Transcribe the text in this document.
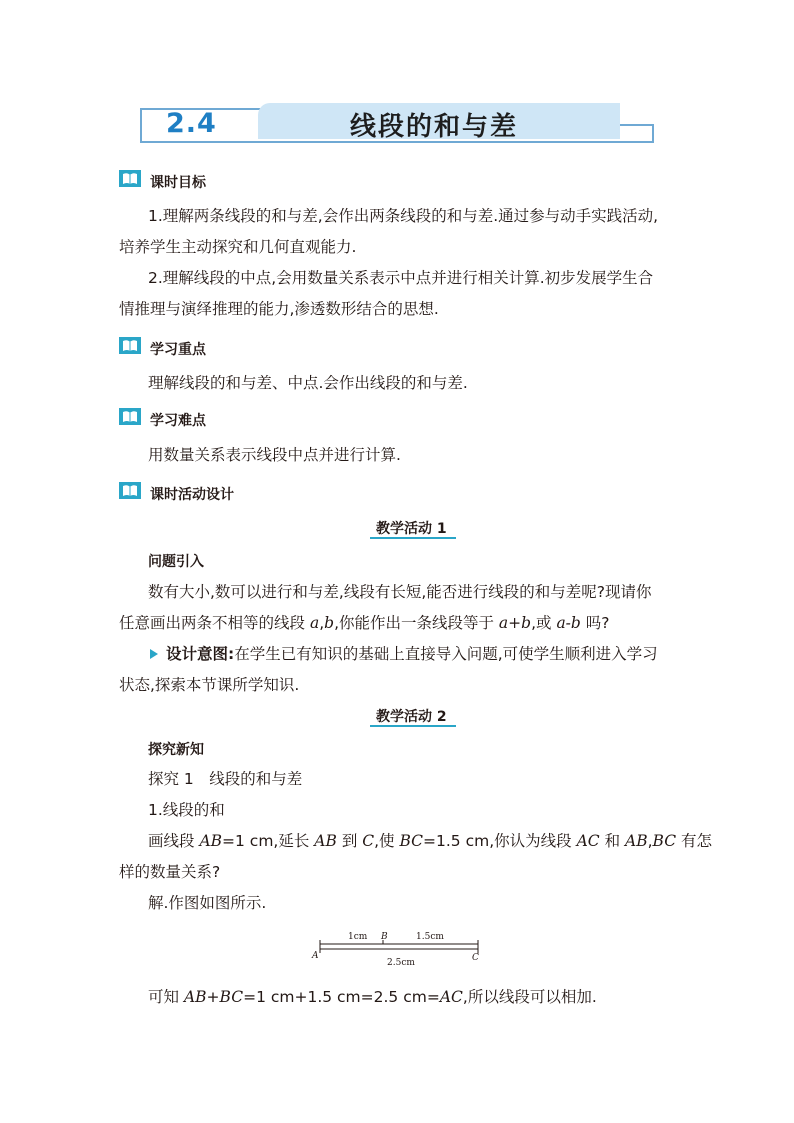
2.4	线段的和与差
课时目标
1.理解两条线段的和与差,会作出两条线段的和与差.通过参与动手实践活动,
培养学生主动探究和几何直观能力.
2.理解线段的中点,会用数量关系表示中点并进行相关计算.初步发展学生合
情推理与演绎推理的能力,渗透数形结合的思想.
学习重点
理解线段的和与差、中点.会作出线段的和与差.
学习难点
用数量关系表示线段中点并进行计算.
课时活动设计
教学活动 1
问题引入
数有大小,数可以进行和与差,线段有长短,能否进行线段的和与差呢?现请你
任意画出两条不相等的线段 a,b,你能作出一条线段等于 a+b,或 a-b 吗?
设计意图:在学生已有知识的基础上直接导入问题,可使学生顺利进入学习
状态,探索本节课所学知识.
教学活动 2
探究新知
探究 1　线段的和与差
1.线段的和
画线段 AB=1 cm,延长 AB 到 C,使 BC=1.5 cm,你认为线段 AC 和 AB,BC 有怎
样的数量关系?
解.作图如图所示.
1cm B	1.5cm
A
2.5cm	C
可知 AB+BC=1 cm+1.5 cm=2.5 cm=AC,所以线段可以相加.
